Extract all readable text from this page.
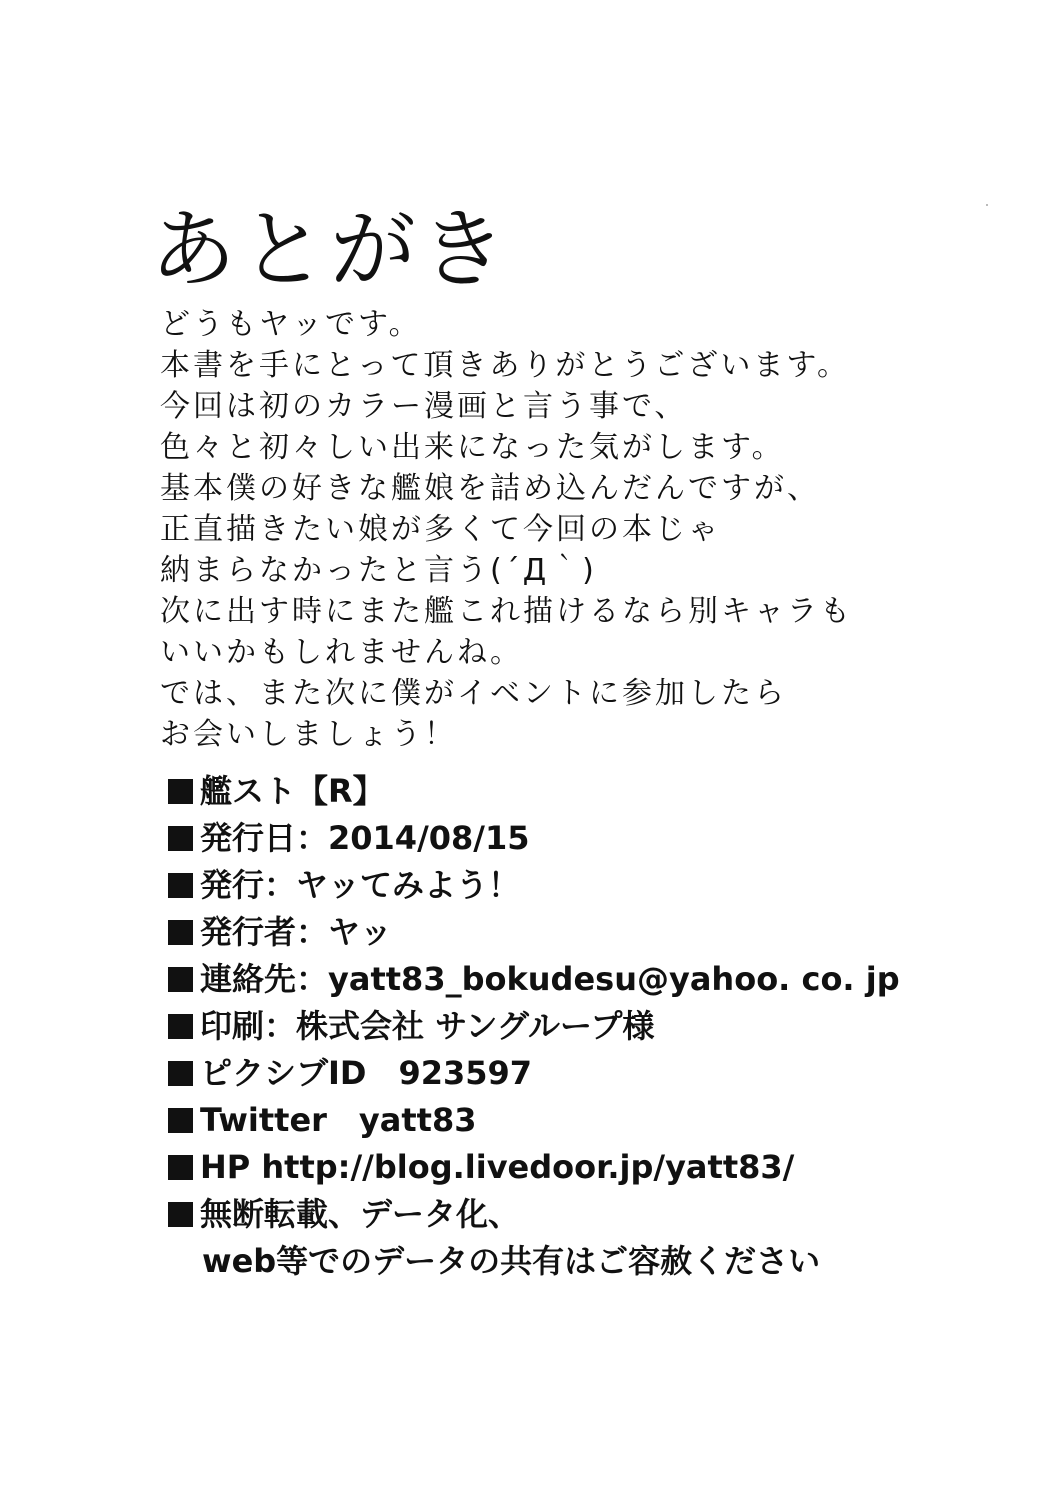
あとがき
どうもヤッです。
本書を手にとって頂きありがとうございます。
今回は初のカラー漫画と言う事で、
色々と初々しい出来になった気がします。
基本僕の好きな艦娘を詰め込んだんですが、
正直描きたい娘が多くて今回の本じゃ
納まらなかったと言う(´Д｀)
次に出す時にまた艦これ描けるなら別キャラも
いいかもしれませんね。
では、また次に僕がイベントに参加したら
お会いしましょう！
艦スト【R】
発行日：2014/08/15
発行：ヤッてみよう！
発行者：ヤッ
連絡先：yatt83_bokudesu@yahoo. co. jp
印刷：株式会社 サングループ様
ピクシブID　923597
Twitter　yatt83
HP http://blog.livedoor.jp/yatt83/
無断転載、データ化、
web等でのデータの共有はご容赦ください
